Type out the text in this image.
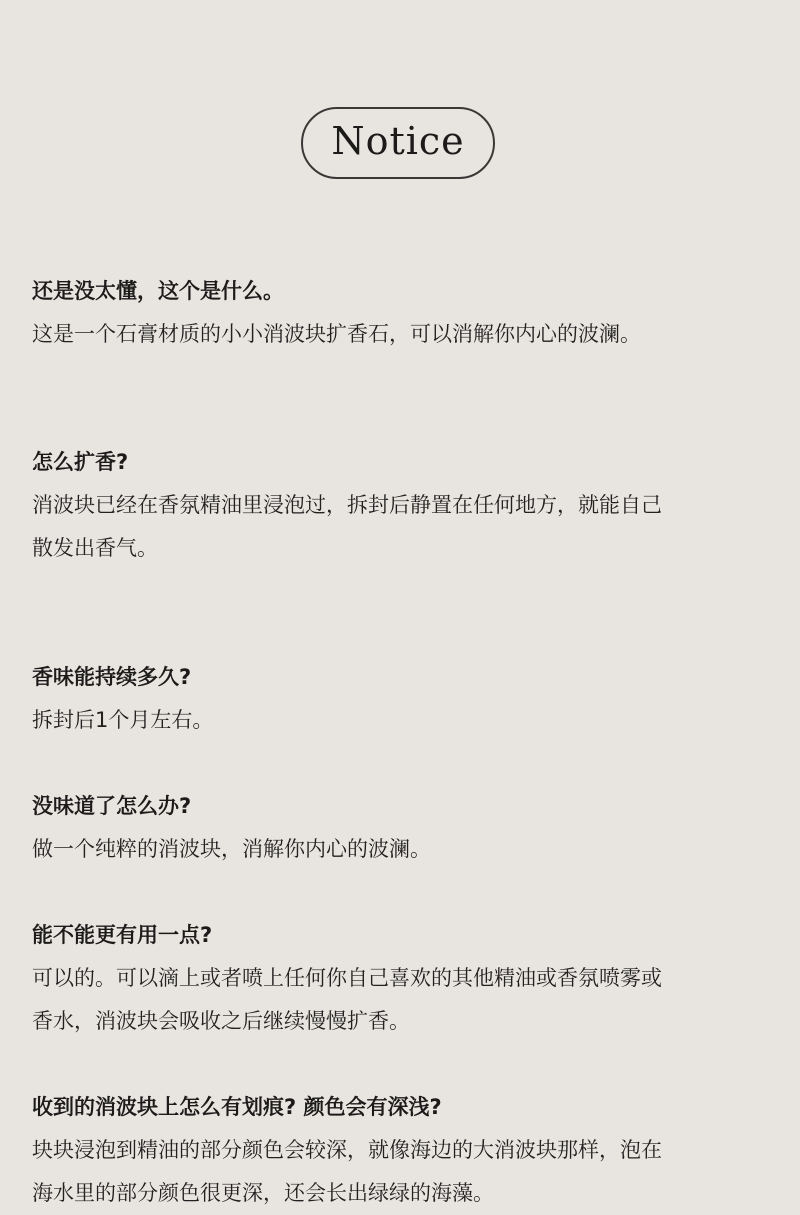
Notice

还是没太懂，这个是什么。

这是一个石膏材质的小小消波块扩香石，可以消解你内心的波澜。

怎么扩香?

消波块已经在香氛精油里浸泡过，拆封后静置在任何地方，就能自己散发出香气。

香味能持续多久?

拆封后1个月左右。

没味道了怎么办?

做一个纯粹的消波块，消解你内心的波澜。

能不能更有用一点?

可以的。可以滴上或者喷上任何你自己喜欢的其他精油或香氛喷雾或香水，消波块会吸收之后继续慢慢扩香。

收到的消波块上怎么有划痕? 颜色会有深浅?

块块浸泡到精油的部分颜色会较深，就像海边的大消波块那样，泡在海水里的部分颜色很更深，还会长出绿绿的海藻。
